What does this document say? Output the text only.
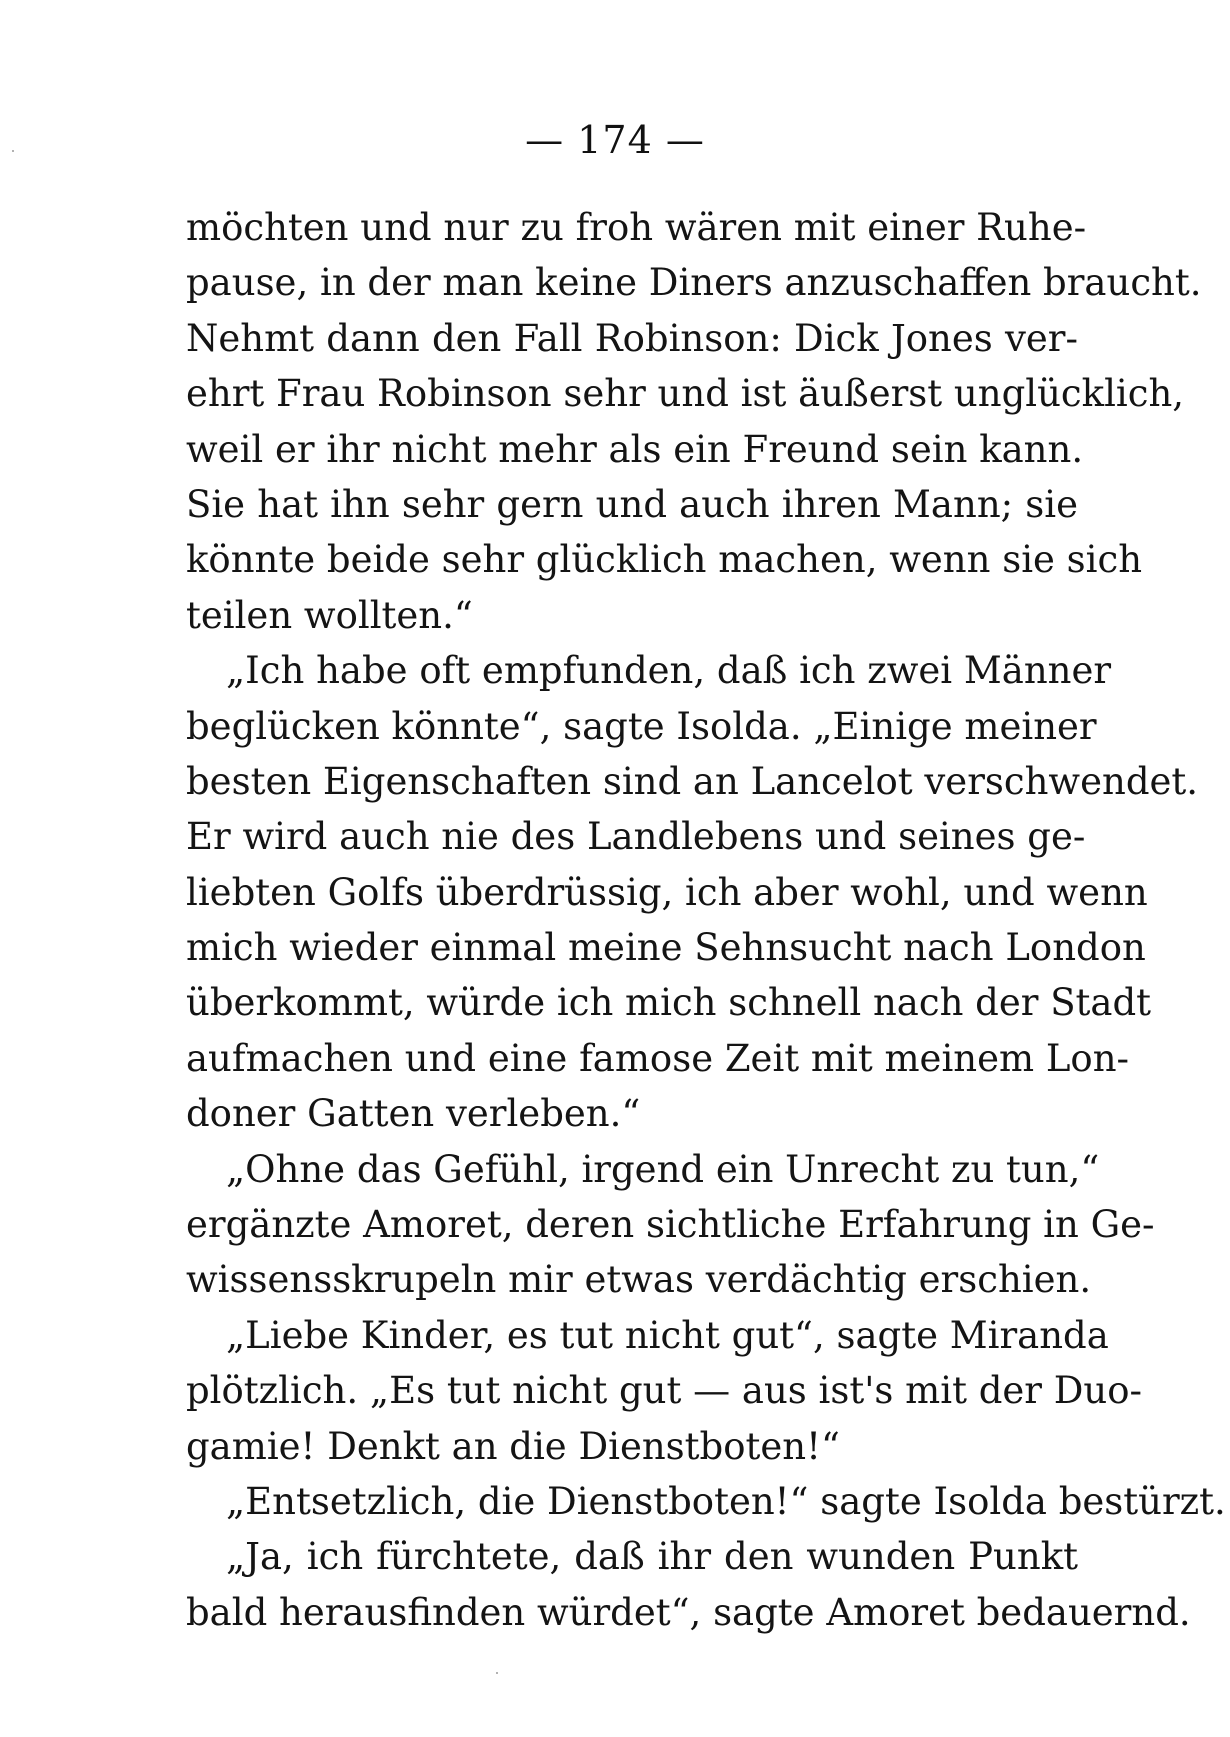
— 174 —
möchten und nur zu froh wären mit einer Ruhe-
pause, in der man keine Diners anzuschaffen braucht.
Nehmt dann den Fall Robinson: Dick Jones ver-
ehrt Frau Robinson sehr und ist äußerst unglücklich,
weil er ihr nicht mehr als ein Freund sein kann.
Sie hat ihn sehr gern und auch ihren Mann; sie
könnte beide sehr glücklich machen, wenn sie sich
teilen wollten.“
„Ich habe oft empfunden, daß ich zwei Männer
beglücken könnte“, sagte Isolda. „Einige meiner
besten Eigenschaften sind an Lancelot verschwendet.
Er wird auch nie des Landlebens und seines ge-
liebten Golfs überdrüssig, ich aber wohl, und wenn
mich wieder einmal meine Sehnsucht nach London
überkommt, würde ich mich schnell nach der Stadt
aufmachen und eine famose Zeit mit meinem Lon-
doner Gatten verleben.“
„Ohne das Gefühl, irgend ein Unrecht zu tun,“
ergänzte Amoret, deren sichtliche Erfahrung in Ge-
wissensskrupeln mir etwas verdächtig erschien.
„Liebe Kinder, es tut nicht gut“, sagte Miranda
plötzlich. „Es tut nicht gut — aus ist's mit der Duo-
gamie! Denkt an die Dienstboten!“
„Entsetzlich, die Dienstboten!“ sagte Isolda bestürzt.
„Ja, ich fürchtete, daß ihr den wunden Punkt
bald herausfinden würdet“, sagte Amoret bedauernd.
